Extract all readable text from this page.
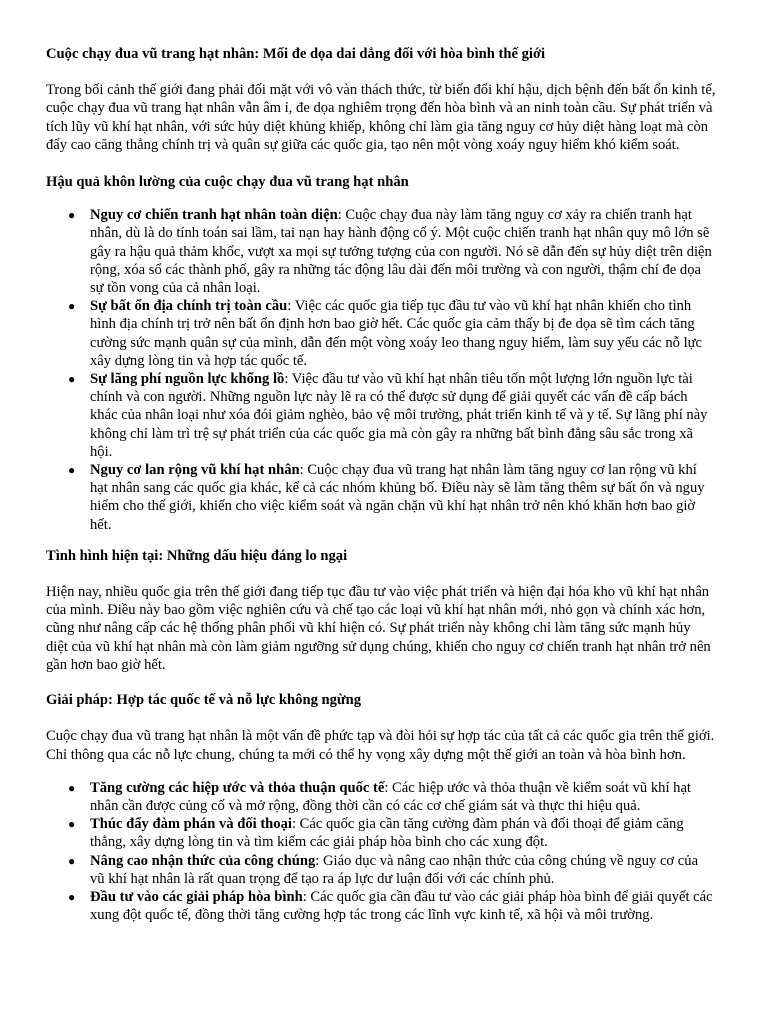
Cuộc chạy đua vũ trang hạt nhân: Mối đe dọa dai dẳng đối với hòa bình thế giới

Trong bối cảnh thế giới đang phải đối mặt với vô vàn thách thức, từ biến đổi khí hậu, dịch bệnh đến bất ổn kinh tế, cuộc chạy đua vũ trang hạt nhân vẫn âm ỉ, đe dọa nghiêm trọng đến hòa bình và an ninh toàn cầu. Sự phát triển và tích lũy vũ khí hạt nhân, với sức hủy diệt khủng khiếp, không chỉ làm gia tăng nguy cơ hủy diệt hàng loạt mà còn đẩy cao căng thẳng chính trị và quân sự giữa các quốc gia, tạo nên một vòng xoáy nguy hiểm khó kiểm soát.

Hậu quả khôn lường của cuộc chạy đua vũ trang hạt nhân
● Nguy cơ chiến tranh hạt nhân toàn diện: Cuộc chạy đua này làm tăng nguy cơ xảy ra chiến tranh hạt nhân, dù là do tính toán sai lầm, tai nạn hay hành động cố ý. Một cuộc chiến tranh hạt nhân quy mô lớn sẽ gây ra hậu quả thảm khốc, vượt xa mọi sự tưởng tượng của con người. Nó sẽ dẫn đến sự hủy diệt trên diện rộng, xóa sổ các thành phố, gây ra những tác động lâu dài đến môi trường và con người, thậm chí đe dọa sự tồn vong của cả nhân loại.
● Sự bất ổn địa chính trị toàn cầu: Việc các quốc gia tiếp tục đầu tư vào vũ khí hạt nhân khiến cho tình hình địa chính trị trở nên bất ổn định hơn bao giờ hết. Các quốc gia cảm thấy bị đe dọa sẽ tìm cách tăng cường sức mạnh quân sự của mình, dẫn đến một vòng xoáy leo thang nguy hiểm, làm suy yếu các nỗ lực xây dựng lòng tin và hợp tác quốc tế.
● Sự lãng phí nguồn lực khổng lồ: Việc đầu tư vào vũ khí hạt nhân tiêu tốn một lượng lớn nguồn lực tài chính và con người. Những nguồn lực này lẽ ra có thể được sử dụng để giải quyết các vấn đề cấp bách khác của nhân loại như xóa đói giảm nghèo, bảo vệ môi trường, phát triển kinh tế và y tế. Sự lãng phí này không chỉ làm trì trệ sự phát triển của các quốc gia mà còn gây ra những bất bình đẳng sâu sắc trong xã hội.
● Nguy cơ lan rộng vũ khí hạt nhân: Cuộc chạy đua vũ trang hạt nhân làm tăng nguy cơ lan rộng vũ khí hạt nhân sang các quốc gia khác, kể cả các nhóm khủng bố. Điều này sẽ làm tăng thêm sự bất ổn và nguy hiểm cho thế giới, khiến cho việc kiểm soát và ngăn chặn vũ khí hạt nhân trở nên khó khăn hơn bao giờ hết.
Tình hình hiện tại: Những dấu hiệu đáng lo ngại

Hiện nay, nhiều quốc gia trên thế giới đang tiếp tục đầu tư vào việc phát triển và hiện đại hóa kho vũ khí hạt nhân của mình. Điều này bao gồm việc nghiên cứu và chế tạo các loại vũ khí hạt nhân mới, nhỏ gọn và chính xác hơn, cũng như nâng cấp các hệ thống phân phối vũ khí hiện có. Sự phát triển này không chỉ làm tăng sức mạnh hủy diệt của vũ khí hạt nhân mà còn làm giảm ngưỡng sử dụng chúng, khiến cho nguy cơ chiến tranh hạt nhân trở nên gần hơn bao giờ hết.

Giải pháp: Hợp tác quốc tế và nỗ lực không ngừng

Cuộc chạy đua vũ trang hạt nhân là một vấn đề phức tạp và đòi hỏi sự hợp tác của tất cả các quốc gia trên thế giới. Chỉ thông qua các nỗ lực chung, chúng ta mới có thể hy vọng xây dựng một thế giới an toàn và hòa bình hơn.

● Tăng cường các hiệp ước và thỏa thuận quốc tế: Các hiệp ước và thỏa thuận về kiểm soát vũ khí hạt nhân cần được củng cố và mở rộng, đồng thời cần có các cơ chế giám sát và thực thi hiệu quả.
● Thúc đẩy đàm phán và đối thoại: Các quốc gia cần tăng cường đàm phán và đối thoại để giảm căng thẳng, xây dựng lòng tin và tìm kiếm các giải pháp hòa bình cho các xung đột.
● Nâng cao nhận thức của công chúng: Giáo dục và nâng cao nhận thức của công chúng về nguy cơ của vũ khí hạt nhân là rất quan trọng để tạo ra áp lực dư luận đối với các chính phủ.
● Đầu tư vào các giải pháp hòa bình: Các quốc gia cần đầu tư vào các giải pháp hòa bình để giải quyết các xung đột quốc tế, đồng thời tăng cường hợp tác trong các lĩnh vực kinh tế, xã hội và môi trường.
